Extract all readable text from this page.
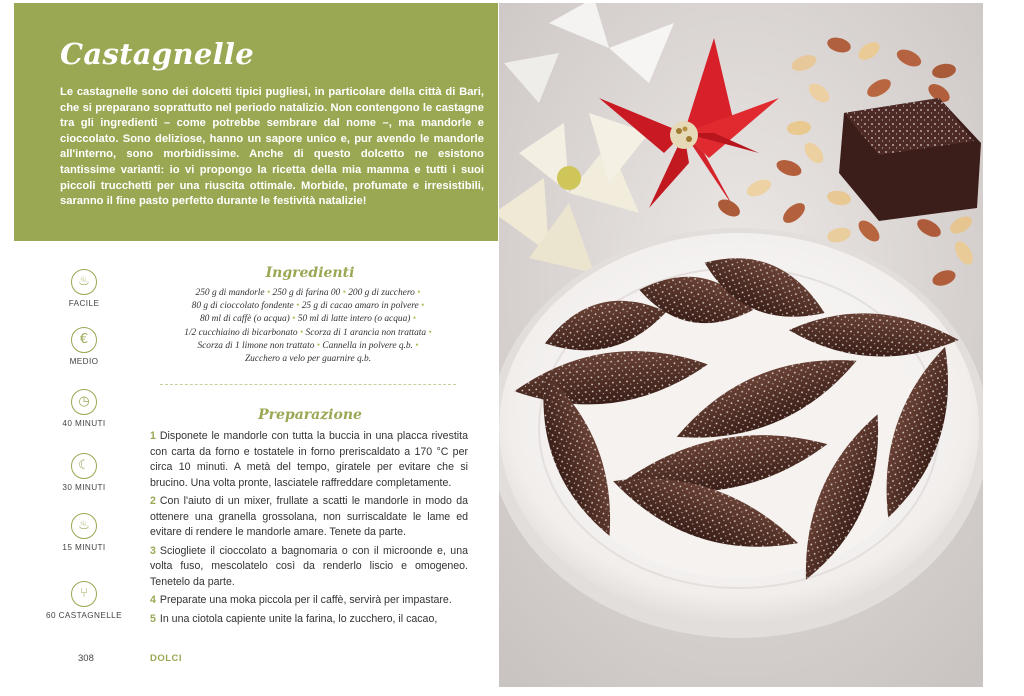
Castagnelle
Le castagnelle sono dei dolcetti tipici pugliesi, in particolare della città di Bari, che si preparano soprattutto nel periodo natalizio. Non contengono le castagne tra gli ingredienti – come potrebbe sembrare dal nome –, ma mandorle e cioccolato. Sono deliziose, hanno un sapore unico e, pur avendo le mandorle all'interno, sono morbidissime. Anche di questo dolcetto ne esistono tantissime varianti: io vi propongo la ricetta della mia mamma e tutti i suoi piccoli trucchetti per una riuscita ottimale. Morbide, profumate e irresistibili, saranno il fine pasto perfetto durante le festività natalizie!
♨
FACILE
€
MEDIO
◷
40 MINUTI
☾
30 MINUTI
♨
15 MINUTI
⑂
60 CASTAGNELLE
Ingredienti
250 g di mandorle • 250 g di farina 00 • 200 g di zucchero •
80 g di cioccolato fondente • 25 g di cacao amaro in polvere •
80 ml di caffè (o acqua) • 50 ml di latte intero (o acqua) •
1/2 cucchiaino di bicarbonato • Scorza di 1 arancia non trattata •
Scorza di 1 limone non trattato • Cannella in polvere q.b. •
Zucchero a velo per guarnire q.b.
Preparazione
1 Disponete le mandorle con tutta la buccia in una placca rivestita con carta da forno e tostatele in forno preriscaldato a 170 °C per circa 10 minuti. A metà del tempo, giratele per evitare che si brucino. Una volta pronte, lasciatele raffreddare completamente.
2 Con l'aiuto di un mixer, frullate a scatti le mandorle in modo da ottenere una granella grossolana, non surriscaldate le lame ed evitare di rendere le mandorle amare. Tenete da parte.
3 Sciogliete il cioccolato a bagnomaria o con il microonde e, una volta fuso, mescolatelo così da renderlo liscio e omogeneo. Tenetelo da parte.
4 Preparate una moka piccola per il caffè, servirà per impastare.
5 In una ciotola capiente unite la farina, lo zucchero, il cacao,
308	DOLCI
